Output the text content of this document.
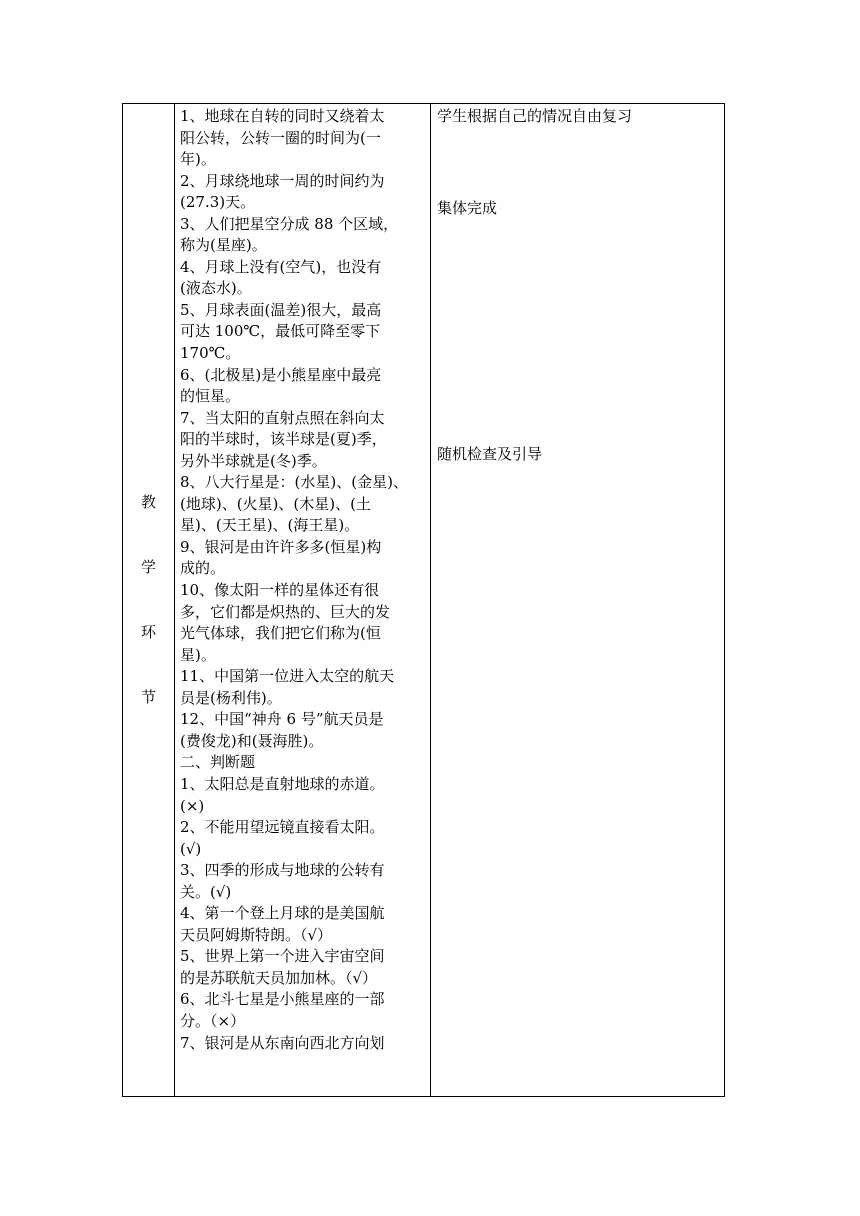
教
学
环
节
1、地球在自转的同时又绕着太
阳公转，公转一圈的时间为(一
年)。
2、月球绕地球一周的时间约为
(27.3)天。
3、人们把星空分成 88 个区域，
称为(星座)。
4、月球上没有(空气)，也没有
(液态水)。
5、月球表面(温差)很大，最高
可达 100℃，最低可降至零下
170℃。
6、(北极星)是小熊星座中最亮
的恒星。
7、当太阳的直射点照在斜向太
阳的半球时，该半球是(夏)季，
另外半球就是(冬)季。
8、八大行星是：(水星)、(金星)、
(地球)、(火星)、(木星)、(土
星)、(天王星)、(海王星)。
9、银河是由许许多多(恒星)构
成的。
10、像太阳一样的星体还有很
多，它们都是炽热的、巨大的发
光气体球，我们把它们称为(恒
星)。
11、中国第一位进入太空的航天
员是(杨利伟)。
12、中国“神舟 6 号”航天员是
(费俊龙)和(聂海胜)。
二、判断题
1、太阳总是直射地球的赤道。
(×)
2、不能用望远镜直接看太阳。
(√)
3、四季的形成与地球的公转有
关。(√)
4、第一个登上月球的是美国航
天员阿姆斯特朗。（√）
5、世界上第一个进入宇宙空间
的是苏联航天员加加林。（√）
6、北斗七星是小熊星座的一部
分。（×）
7、银河是从东南向西北方向划
学生根据自己的情况自由复习
集体完成
随机检查及引导
